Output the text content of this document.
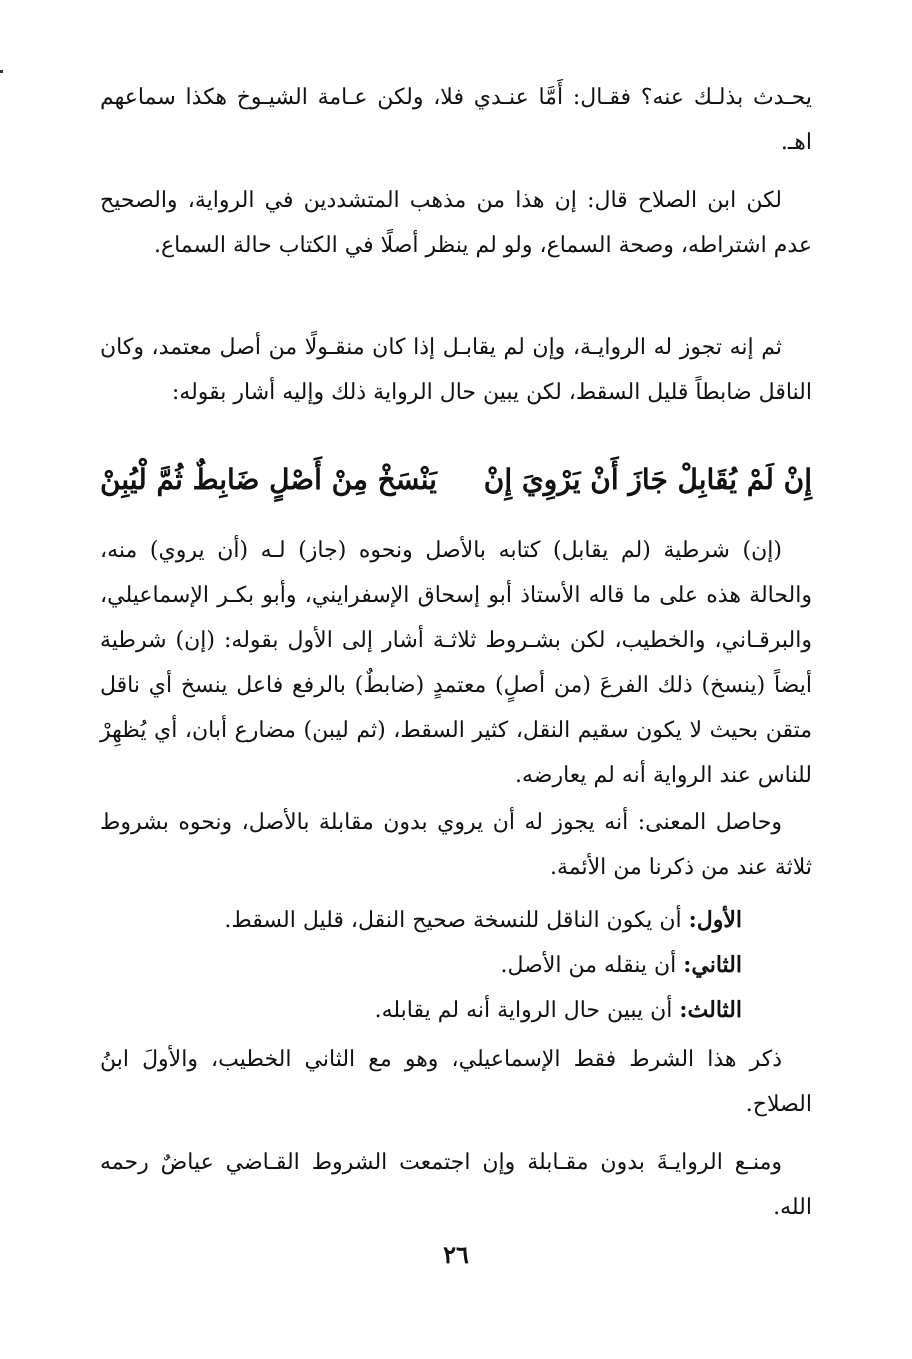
يحـدث بذلـك عنه؟ فقـال: أَمَّا عنـدي فلا، ولكن عـامة الشيـوخ هكذا سماعهم اهـ.

لكن ابن الصلاح قال: إن هذا من مذهب المتشددين في الرواية، والصحيح عدم اشتراطه، وصحة السماع، ولو لم ينظر أصلًا في الكتاب حالة السماع.

ثم إنه تجوز له الروايـة، وإن لم يقابـل إذا كان منقـولًا من أصل معتمد، وكان الناقل ضابطاً قليل السقط، لكن يبين حال الرواية ذلك وإليه أشار بقوله:

إِنْ لَمْ يُقَابِلْ جَازَ أَنْ يَرْوِيَ إِنْ
يَنْسَخْ مِنْ أَصْلٍ ضَابِطٌ ثُمَّ لْيُبِنْ

(إن) شرطية (لم يقابل) كتابه بالأصل ونحوه (جاز) لـه (أن يروي) منه، والحالة هذه على ما قاله الأستاذ أبو إسحاق الإسفرايني، وأبو بكـر الإسماعيلي، والبرقـاني، والخطيب، لكن بشـروط ثلاثـة أشار إلى الأول بقوله: (إن) شرطية أيضاً (ينسخ) ذلك الفرعَ (من أصلٍ) معتمدٍ (ضابطٌ) بالرفع فاعل ينسخ أي ناقل متقن بحيث لا يكون سقيم النقل، كثير السقط، (ثم ليبن) مضارع أبان، أي يُظهِرْ للناس عند الرواية أنه لم يعارضه.

وحاصل المعنى: أنه يجوز له أن يروي بدون مقابلة بالأصل، ونحوه بشروط ثلاثة عند من ذكرنا من الأئمة.

الأول: أن يكون الناقل للنسخة صحيح النقل، قليل السقط.
الثاني: أن ينقله من الأصل.
الثالث: أن يبين حال الرواية أنه لم يقابله.

ذكر هذا الشرط فقط الإسماعيلي، وهو مع الثاني الخطيب، والأولَ ابنُ الصلاح.

ومنـع الروايـةَ بدون مقـابلة وإن اجتمعت الشروط القـاضي عياضٌ رحمه الله.

٢٦
